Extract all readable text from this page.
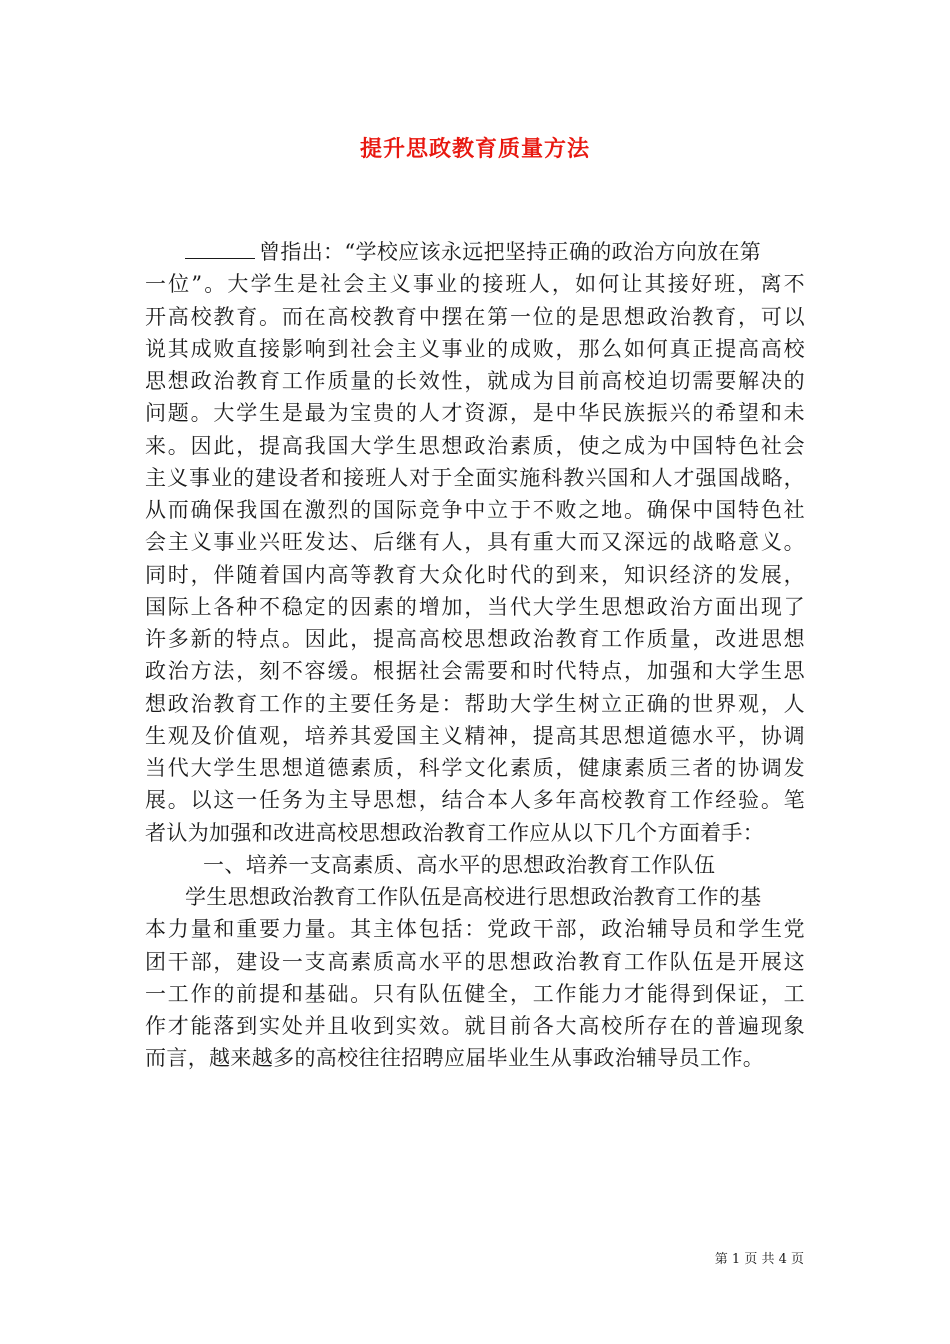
提升思政教育质量方法
曾指出：“学校应该永远把坚持正确的政治方向放在第
一位”。大学生是社会主义事业的接班人，如何让其接好班，离不
开高校教育。而在高校教育中摆在第一位的是思想政治教育，可以
说其成败直接影响到社会主义事业的成败，那么如何真正提高高校
思想政治教育工作质量的长效性，就成为目前高校迫切需要解决的
问题。大学生是最为宝贵的人才资源，是中华民族振兴的希望和未
来。因此，提高我国大学生思想政治素质，使之成为中国特色社会
主义事业的建设者和接班人对于全面实施科教兴国和人才强国战略，
从而确保我国在激烈的国际竞争中立于不败之地。确保中国特色社
会主义事业兴旺发达、后继有人，具有重大而又深远的战略意义。
同时，伴随着国内高等教育大众化时代的到来，知识经济的发展，
国际上各种不稳定的因素的增加，当代大学生思想政治方面出现了
许多新的特点。因此，提高高校思想政治教育工作质量，改进思想
政治方法，刻不容缓。根据社会需要和时代特点，加强和大学生思
想政治教育工作的主要任务是：帮助大学生树立正确的世界观，人
生观及价值观，培养其爱国主义精神，提高其思想道德水平，协调
当代大学生思想道德素质，科学文化素质，健康素质三者的协调发
展。以这一任务为主导思想，结合本人多年高校教育工作经验。笔
者认为加强和改进高校思想政治教育工作应从以下几个方面着手：
一、培养一支高素质、高水平的思想政治教育工作队伍
学生思想政治教育工作队伍是高校进行思想政治教育工作的基
本力量和重要力量。其主体包括：党政干部，政治辅导员和学生党
团干部，建设一支高素质高水平的思想政治教育工作队伍是开展这
一工作的前提和基础。只有队伍健全，工作能力才能得到保证，工
作才能落到实处并且收到实效。就目前各大高校所存在的普遍现象
而言，越来越多的高校往往招聘应届毕业生从事政治辅导员工作。
第 1 页 共 4 页
